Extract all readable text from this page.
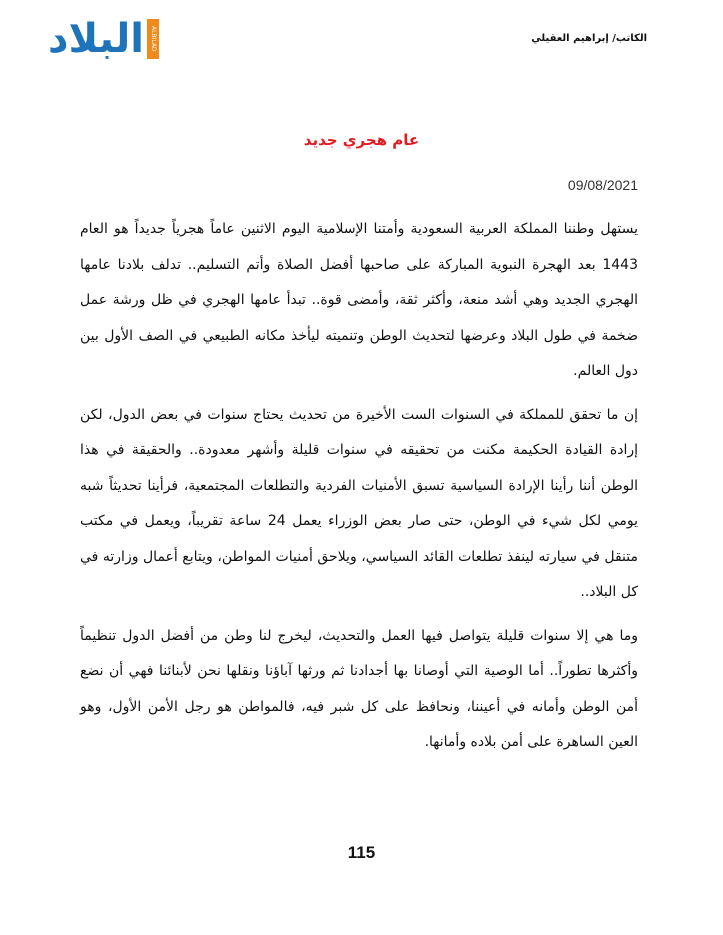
البلاد	ALBILAD	الكاتب/ إبراهيم العقيلي
عام هجري جديد
09/08/2021

يستهل وطننا المملكة العربية السعودية وأمتنا الإسلامية اليوم الاثنين عاماً هجرياً جديداً هو العام 1443 بعد الهجرة النبوية المباركة على صاحبها أفضل الصلاة وأتم التسليم.. تدلف بلادنا عامها الهجري الجديد وهي أشد منعة، وأكثر ثقة، وأمضى قوة.. تبدأ عامها الهجري في ظل ورشة عمل ضخمة في طول البلاد وعرضها لتحديث الوطن وتنميته ليأخذ مكانه الطبيعي في الصف الأول بين دول العالم.

إن ما تحقق للمملكة في السنوات الست الأخيرة من تحديث يحتاج سنوات في بعض الدول، لكن إرادة القيادة الحكيمة مكنت من تحقيقه في سنوات قليلة وأشهر معدودة.. والحقيقة في هذا الوطن أننا رأينا الإرادة السياسية تسبق الأمنيات الفردية والتطلعات المجتمعية، فرأينا تحديثاً شبه يومي لكل شيء في الوطن، حتى صار بعض الوزراء يعمل 24 ساعة تقريباً، ويعمل في مكتب متنقل في سيارته لينفذ تطلعات القائد السياسي، ويلاحق أمنيات المواطن، ويتابع أعمال وزارته في كل البلاد..

وما هي إلا سنوات قليلة يتواصل فيها العمل والتحديث، ليخرج لنا وطن من أفضل الدول تنظيماً وأكثرها تطوراً.. أما الوصية التي أوصانا بها أجدادنا ثم ورثها آباؤنا ونقلها نحن لأبنائنا فهي أن نضع أمن الوطن وأمانه في أعيننا، ونحافظ على كل شبر فيه، فالمواطن هو رجل الأمن الأول، وهو العين الساهرة على أمن بلاده وأمانها.

115
